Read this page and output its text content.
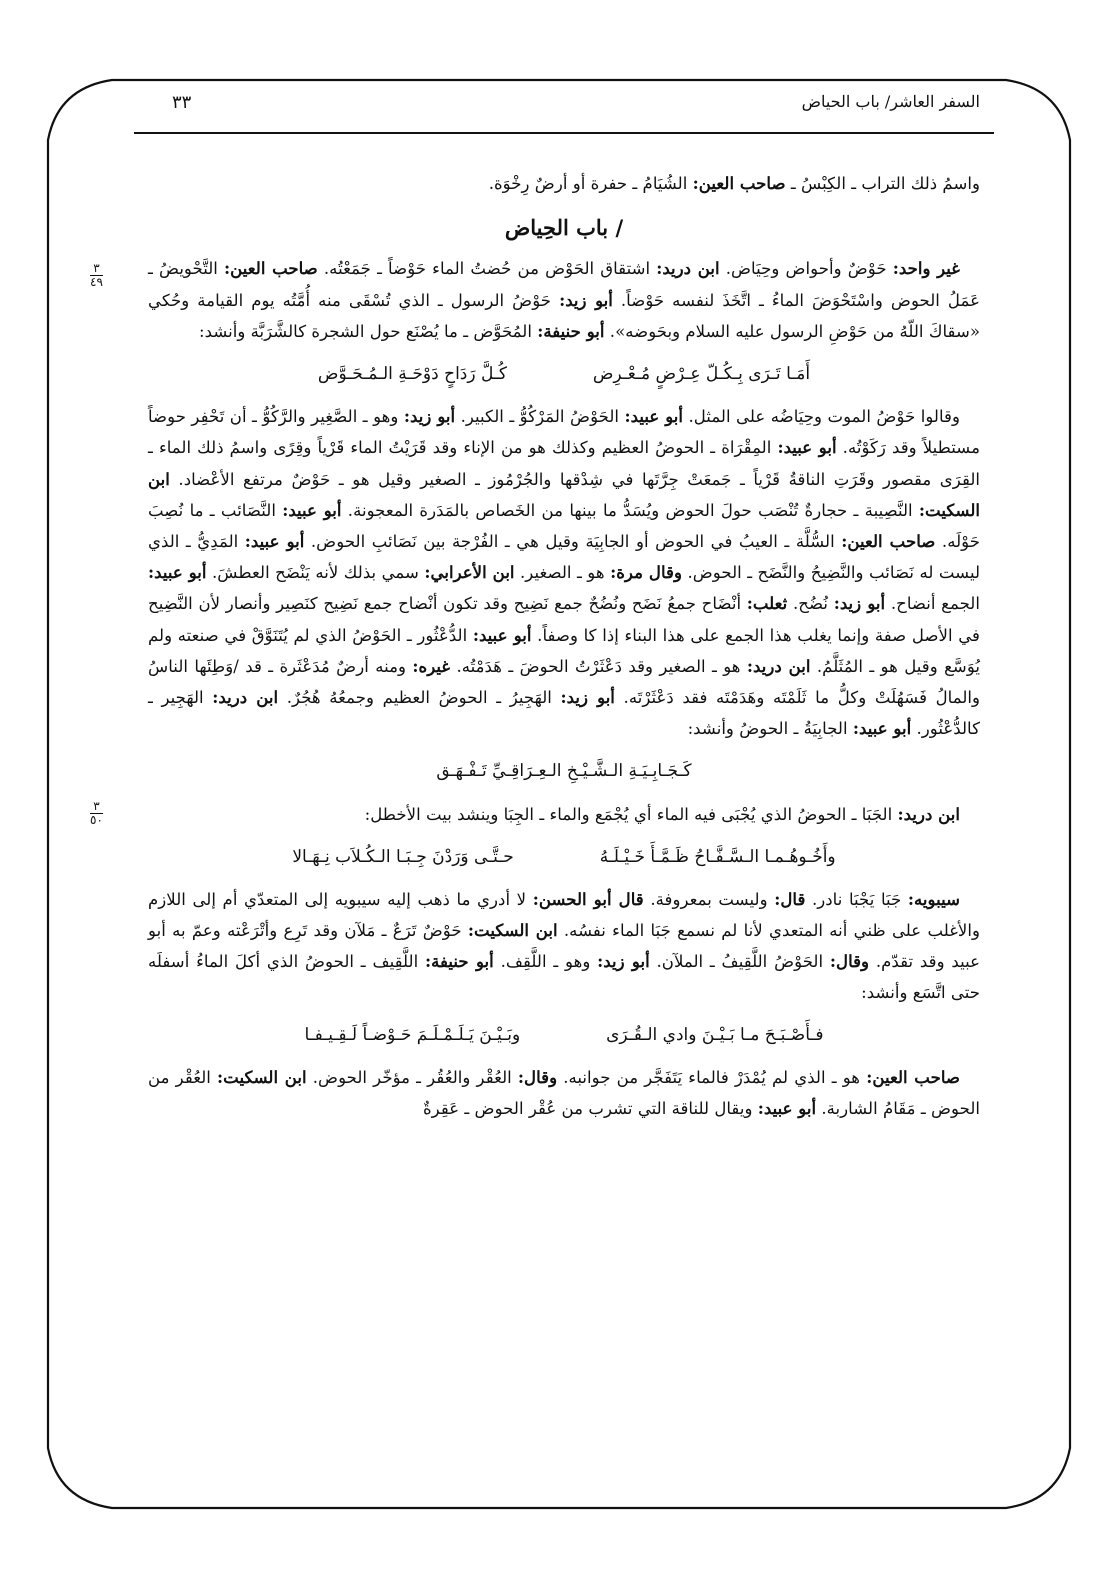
السفر العاشر/ باب الحياض
٣٣

واسمُ ذلك التراب ـ الكِبْسُ ـ صاحب العين: الشُيَامُ ـ حفرة أو أرضٌ رِخْوَة.

/ باب الحِياض

غير واحد: حَوْضٌ وأحواض وحِيَاض. ابن دريد: اشتقاق الحَوْض من حُضتُ الماء حَوْضاً ـ جَمَعْتُه. صاحب العين: التَّحْويضُ ـ عَمَلُ الحوض واسْتَحْوَضَ الماءُ ـ اتَّخَذَ لنفسه حَوْضاً. أبو زيد: حَوْضُ الرسول ـ الذي تُسْقَى منه أُمَّتُه يوم القيامة وحُكي «سقاكَ اللّهُ من حَوْضِ الرسول عليه السلام وبحَوضه». أبو حنيفة: المُحَوَّض ـ ما يُصْنَع حول الشجرة كالشَّرَبَّة وأنشد:

أَمَـا تَـرَى بِـكُـلّ عِـرْضٍ مُـعْـرِض كُـلَّ رَدَاحٍ دَوْحَـةِ الـمُـحَـوَّض

وقالوا حَوْضُ الموت وحِيَاضُه على المثل. أبو عبيد: الحَوْضُ المَرْكُوُّ ـ الكبير. أبو زيد: وهو ـ الصَّغِير والرَّكُوُّ ـ أن تَحْفِر حوضاً مستطيلاً وقد رَكَوْتُه. أبو عبيد: المِقْرَاة ـ الحوضُ العظيم وكذلك هو من الإناء وقد قَرَيْتُ الماء قَرْياً وقِرًى واسمُ ذلك الماء ـ القِرَى مقصور وقَرَتِ الناقةُ قَرْياً ـ جَمعَتْ جِرَّتَها في شِدْقها والجُرْمُوز ـ الصغير وقيل هو ـ حَوْضٌ مرتفع الأعْضاد. ابن السكيت: النَّصِيبة ـ حجارةٌ تُنْصَب حولَ الحوض ويُسَدُّ ما بينها من الخَصاص بالمَدَرة المعجونة. أبو عبيد: النَّصَائب ـ ما نُصِبَ حَوْلَه. صاحب العين: السُّلَّة ـ العيبُ في الحوض أو الجابِيَة وقيل هي ـ الفُرْجة بين نَصَائبِ الحوض. أبو عبيد: المَدِيُّ ـ الذي ليست له نَصَائب والنَّضِيحُ والنَّضَح ـ الحوض. وقال مرة: هو ـ الصغير. ابن الأعرابي: سمي بذلك لأنه يَنْضَح العطشَ. أبو عبيد: الجمع أنضاح. أبو زيد: نُضُح. ثعلب: أنْضَاح جمعُ نَضَح ونُضُحٌ جمع نَضِيح وقد تكون أنْضاح جمع نَضِيح كنَصِير وأنصار لأن النَّضِيح في الأصل صفة وإنما يغلب هذا الجمع على هذا البناء إذا كا وصفاً. أبو عبيد: الدُّعْثُور ـ الحَوْضُ الذي لم يُتَنَوَّقْ في صنعته ولم يُوَسَّع وقيل هو ـ المُثَلَّمُ. ابن دريد: هو ـ الصغير وقد دَعْثَرْتُ الحوضَ ـ هَدَمْتُه. غيره: ومنه أرضٌ مُدَعْثَرة ـ قد /وَطِئَها الناسُ والمالُ فَسَهُلَتْ وكلُّ ما ثَلَمْتَه وهَدَمْتَه فقد دَعْثَرْتَه. أبو زيد: الهَجِيرُ ـ الحوضُ العظيم وجمعُهُ هُجُرٌ. ابن دريد: الهَجِير ـ كالدُّعْثُور. أبو عبيد: الجابِيَةُ ـ الحوضُ وأنشد:

كَـجَـابِـيَـةِ الـشَّـيْـخِ الـعِـرَاقِـيِّ تَـفْـهَـق

ابن دريد: الجَبَا ـ الحوضُ الذي يُجْبَى فيه الماء أي يُجْمَع والماء ـ الجِبَا وينشد بيت الأخطل:

وأَخُـوهُـمـا الـسَّـفَّـاحُ ظَـمَّـأَ خَـيْـلَـهُ حـتَّـى وَرَدْنَ جِـبَـا الـكُـلاَب نِـهَـالا

سيبويه: جَبَا يَجْبَا نادر. قال: وليست بمعروفة. قال أبو الحسن: لا أدري ما ذهب إليه سيبويه إلى المتعدّي أم إلى اللازم والأغلب على ظني أنه المتعدي لأنا لم نسمع جَبَا الماء نفسُه. ابن السكيت: حَوْضٌ تَرَعٌ ـ مَلآن وقد تَرِع وأتْرَعْته وعمّ به أبو عبيد وقد تقدّم. وقال: الحَوْضُ اللَّقِيفُ ـ الملآن. أبو زيد: وهو ـ اللَّقِف. أبو حنيفة: اللَّقِيف ـ الحوضُ الذي أكلَ الماءُ أسفلَه حتى اتَّسَع وأنشد:

فـأَصْـبَـحَ مـا بَـيْـنَ وادي الـقُـرَى وبَـيْـنَ يَـلَـمْـلَـمَ حَـوْضـاً لَـقِـيـفـا

صاحب العين: هو ـ الذي لم يُمْدَرْ فالماء يَتَفَجَّر من جوانبه. وقال: العُقْر والعُقُر ـ مؤخّر الحوض. ابن السكيت: العُقْر من الحوض ـ مَقَامُ الشاربة. أبو عبيد: ويقال للناقة التي تشرب من عُقْر الحوض ـ عَقِرةٌ

٣
٤٩
٣
٥٠
